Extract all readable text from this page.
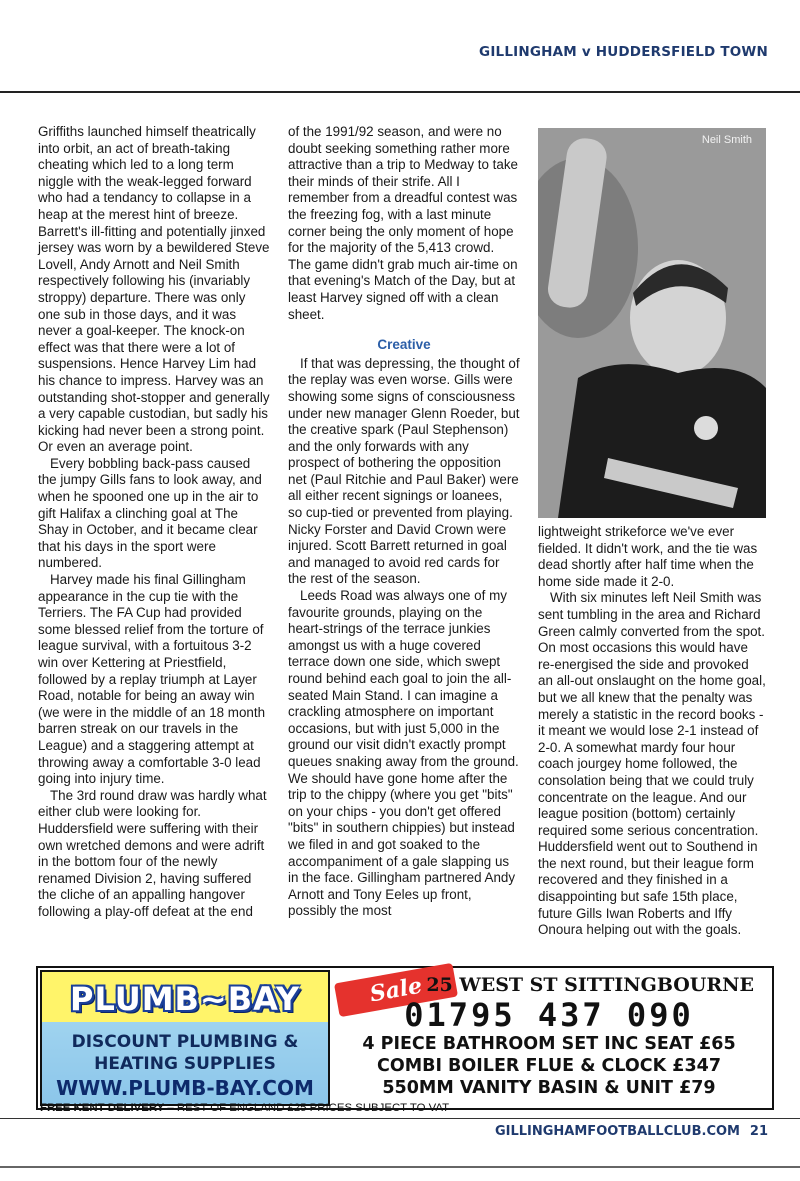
GILLINGHAM v HUDDERSFIELD TOWN

Griffiths launched himself theatrically into orbit, an act of breath-taking cheating which led to a long term niggle with the weak-legged forward who had a tendancy to collapse in a heap at the merest hint of breeze. Barrett's ill-fitting and potentially jinxed jersey was worn by a bewildered Steve Lovell, Andy Arnott and Neil Smith respectively following his (invariably stroppy) departure. There was only one sub in those days, and it was never a goal-keeper. The knock-on effect was that there were a lot of suspensions. Hence Harvey Lim had his chance to impress. Harvey was an outstanding shot-stopper and generally a very capable custodian, but sadly his kicking had never been a strong point. Or even an average point.

Every bobbling back-pass caused the jumpy Gills fans to look away, and when he spooned one up in the air to gift Halifax a clinching goal at The Shay in October, and it became clear that his days in the sport were numbered.

Harvey made his final Gillingham appearance in the cup tie with the Terriers. The FA Cup had provided some blessed relief from the torture of league survival, with a fortuitous 3-2 win over Kettering at Priestfield, followed by a replay triumph at Layer Road, notable for being an away win (we were in the middle of an 18 month barren streak on our travels in the League) and a staggering attempt at throwing away a comfortable 3-0 lead going into injury time.

The 3rd round draw was hardly what either club were looking for. Huddersfield were suffering with their own wretched demons and were adrift in the bottom four of the newly renamed Division 2, having suffered the cliche of an appalling hangover following a play-off defeat at the end

of the 1991/92 season, and were no doubt seeking something rather more attractive than a trip to Medway to take their minds of their strife. All I remember from a dreadful contest was the freezing fog, with a last minute corner being the only moment of hope for the majority of the 5,413 crowd. The game didn't grab much air-time on that evening's Match of the Day, but at least Harvey signed off with a clean sheet.

Creative

If that was depressing, the thought of the replay was even worse. Gills were showing some signs of consciousness under new manager Glenn Roeder, but the creative spark (Paul Stephenson) and the only forwards with any prospect of bothering the opposition net (Paul Ritchie and Paul Baker) were all either recent signings or loanees, so cup-tied or prevented from playing. Nicky Forster and David Crown were injured. Scott Barrett returned in goal and managed to avoid red cards for the rest of the season.

Leeds Road was always one of my favourite grounds, playing on the heart-strings of the terrace junkies amongst us with a huge covered terrace down one side, which swept round behind each goal to join the all-seated Main Stand. I can imagine a crackling atmosphere on important occasions, but with just 5,000 in the ground our visit didn't exactly prompt queues snaking away from the ground. We should have gone home after the trip to the chippy (where you get "bits" on your chips - you don't get offered "bits" in southern chippies) but instead we filed in and got soaked to the accompaniment of a gale slapping us in the face. Gillingham partnered Andy Arnott and Tony Eeles up front, possibly the most

Neil Smith

lightweight strikeforce we've ever fielded. It didn't work, and the tie was dead shortly after half time when the home side made it 2-0.

With six minutes left Neil Smith was sent tumbling in the area and Richard Green calmly converted from the spot. On most occasions this would have re-energised the side and provoked an all-out onslaught on the home goal, but we all knew that the penalty was merely a statistic in the record books - it meant we would lose 2-1 instead of 2-0. A somewhat mardy four hour coach jourgey home followed, the consolation being that we could truly concentrate on the league. And our league position (bottom) certainly required some serious concentration. Huddersfield went out to Southend in the next round, but their league form recovered and they finished in a disappointing but safe 15th place, future Gills Iwan Roberts and Iffy Onoura helping out with the goals.

PLUMB~BAY
DISCOUNT PLUMBING &
HEATING SUPPLIES
WWW.PLUMB-BAY.COM
Sale 25 WEST ST SITTINGBOURNE
01795 437 090
4 PIECE BATHROOM SET INC SEAT £65
COMBI BOILER FLUE & CLOCK £347
550MM VANITY BASIN & UNIT £79
FREE KENT DELIVERY – REST OF ENGLAND £25 PRICES SUBJECT TO VAT
GILLINGHAMFOOTBALLCLUB.COM 21
